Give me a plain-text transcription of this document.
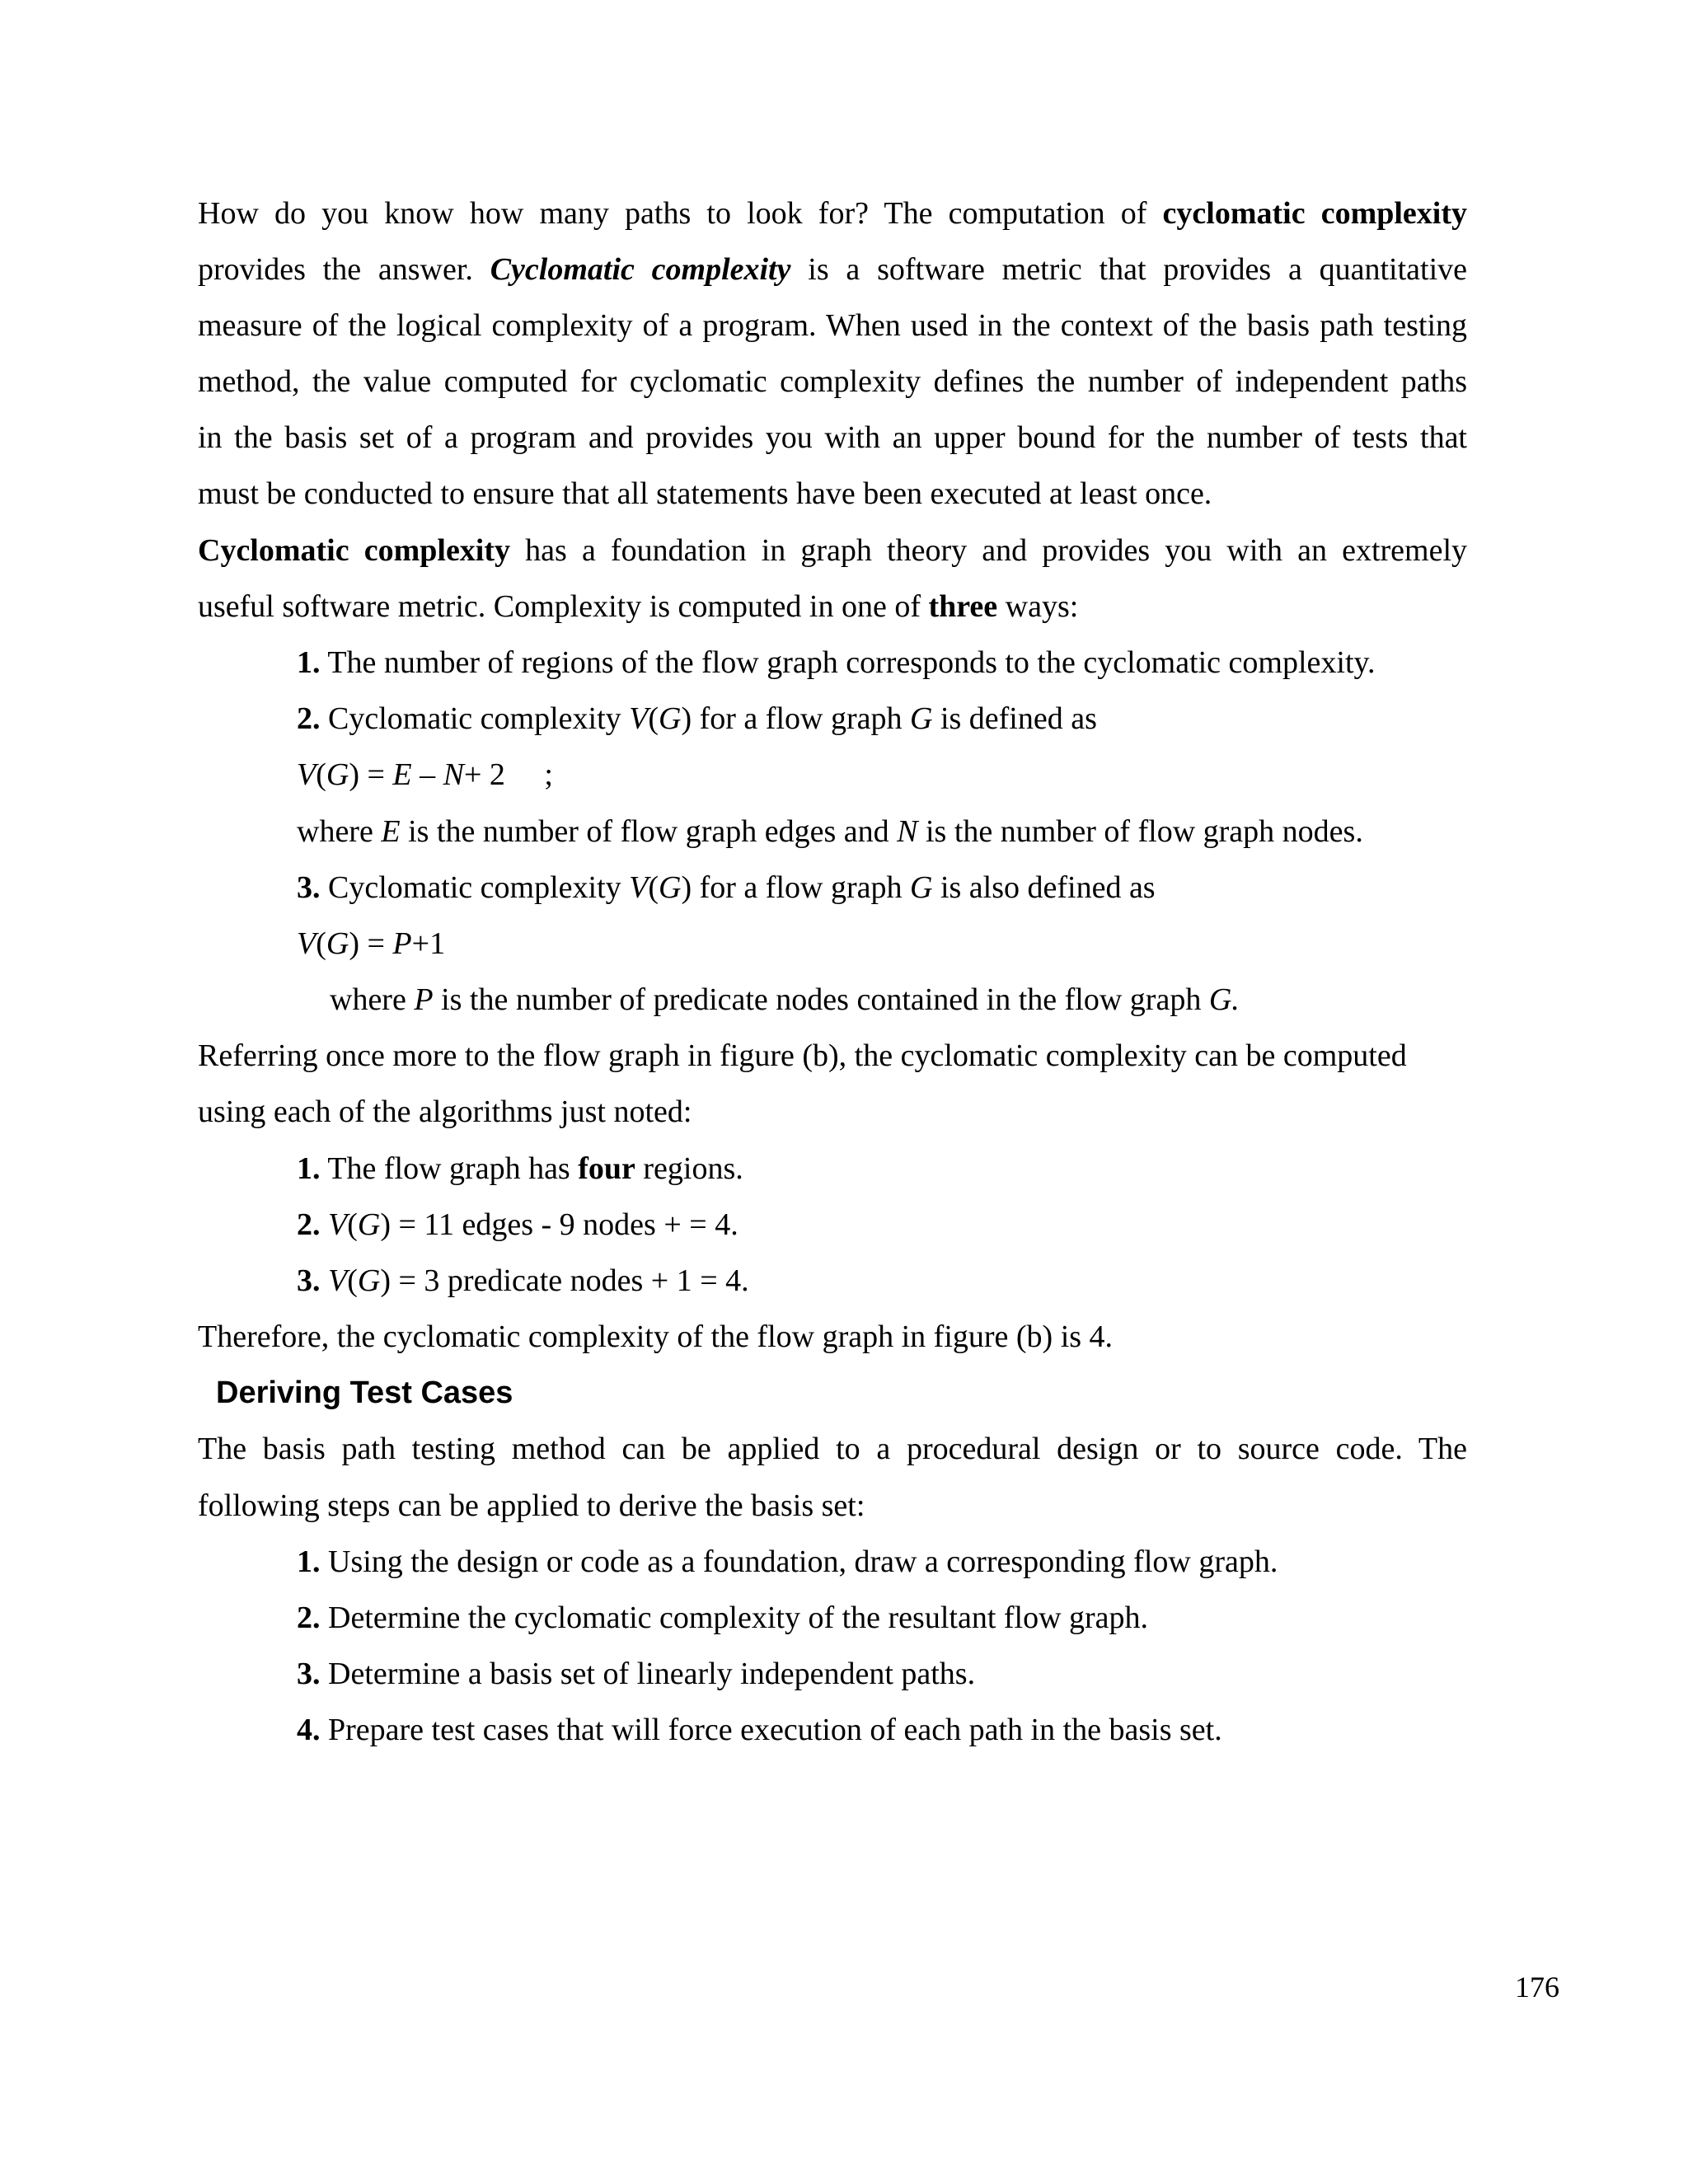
How do you know how many paths to look for? The computation of cyclomatic complexity
provides the answer. Cyclomatic complexity is a software metric that provides a quantitative
measure of the logical complexity of a program. When used in the context of the basis path testing
method, the value computed for cyclomatic complexity defines the number of independent paths
in the basis set of a program and provides you with an upper bound for the number of tests that
must be conducted to ensure that all statements have been executed at least once.
Cyclomatic complexity has a foundation in graph theory and provides you with an extremely
useful software metric. Complexity is computed in one of three ways:
1. The number of regions of the flow graph corresponds to the cyclomatic complexity.
2. Cyclomatic complexity V(G) for a flow graph G is defined as
V(G) = E – N+ 2     ;
where E is the number of flow graph edges and N is the number of flow graph nodes.
3. Cyclomatic complexity V(G) for a flow graph G is also defined as
V(G) = P+1
where P is the number of predicate nodes contained in the flow graph G.
Referring once more to the flow graph in figure (b), the cyclomatic complexity can be computed
using each of the algorithms just noted:
1. The flow graph has four regions.
2. V(G) = 11 edges - 9 nodes + = 4.
3. V(G) = 3 predicate nodes + 1 = 4.
Therefore, the cyclomatic complexity of the flow graph in figure (b) is 4.
Deriving Test Cases
The basis path testing method can be applied to a procedural design or to source code. The
following steps can be applied to derive the basis set:
1. Using the design or code as a foundation, draw a corresponding flow graph.
2. Determine the cyclomatic complexity of the resultant flow graph.
3. Determine a basis set of linearly independent paths.
4. Prepare test cases that will force execution of each path in the basis set.
176
